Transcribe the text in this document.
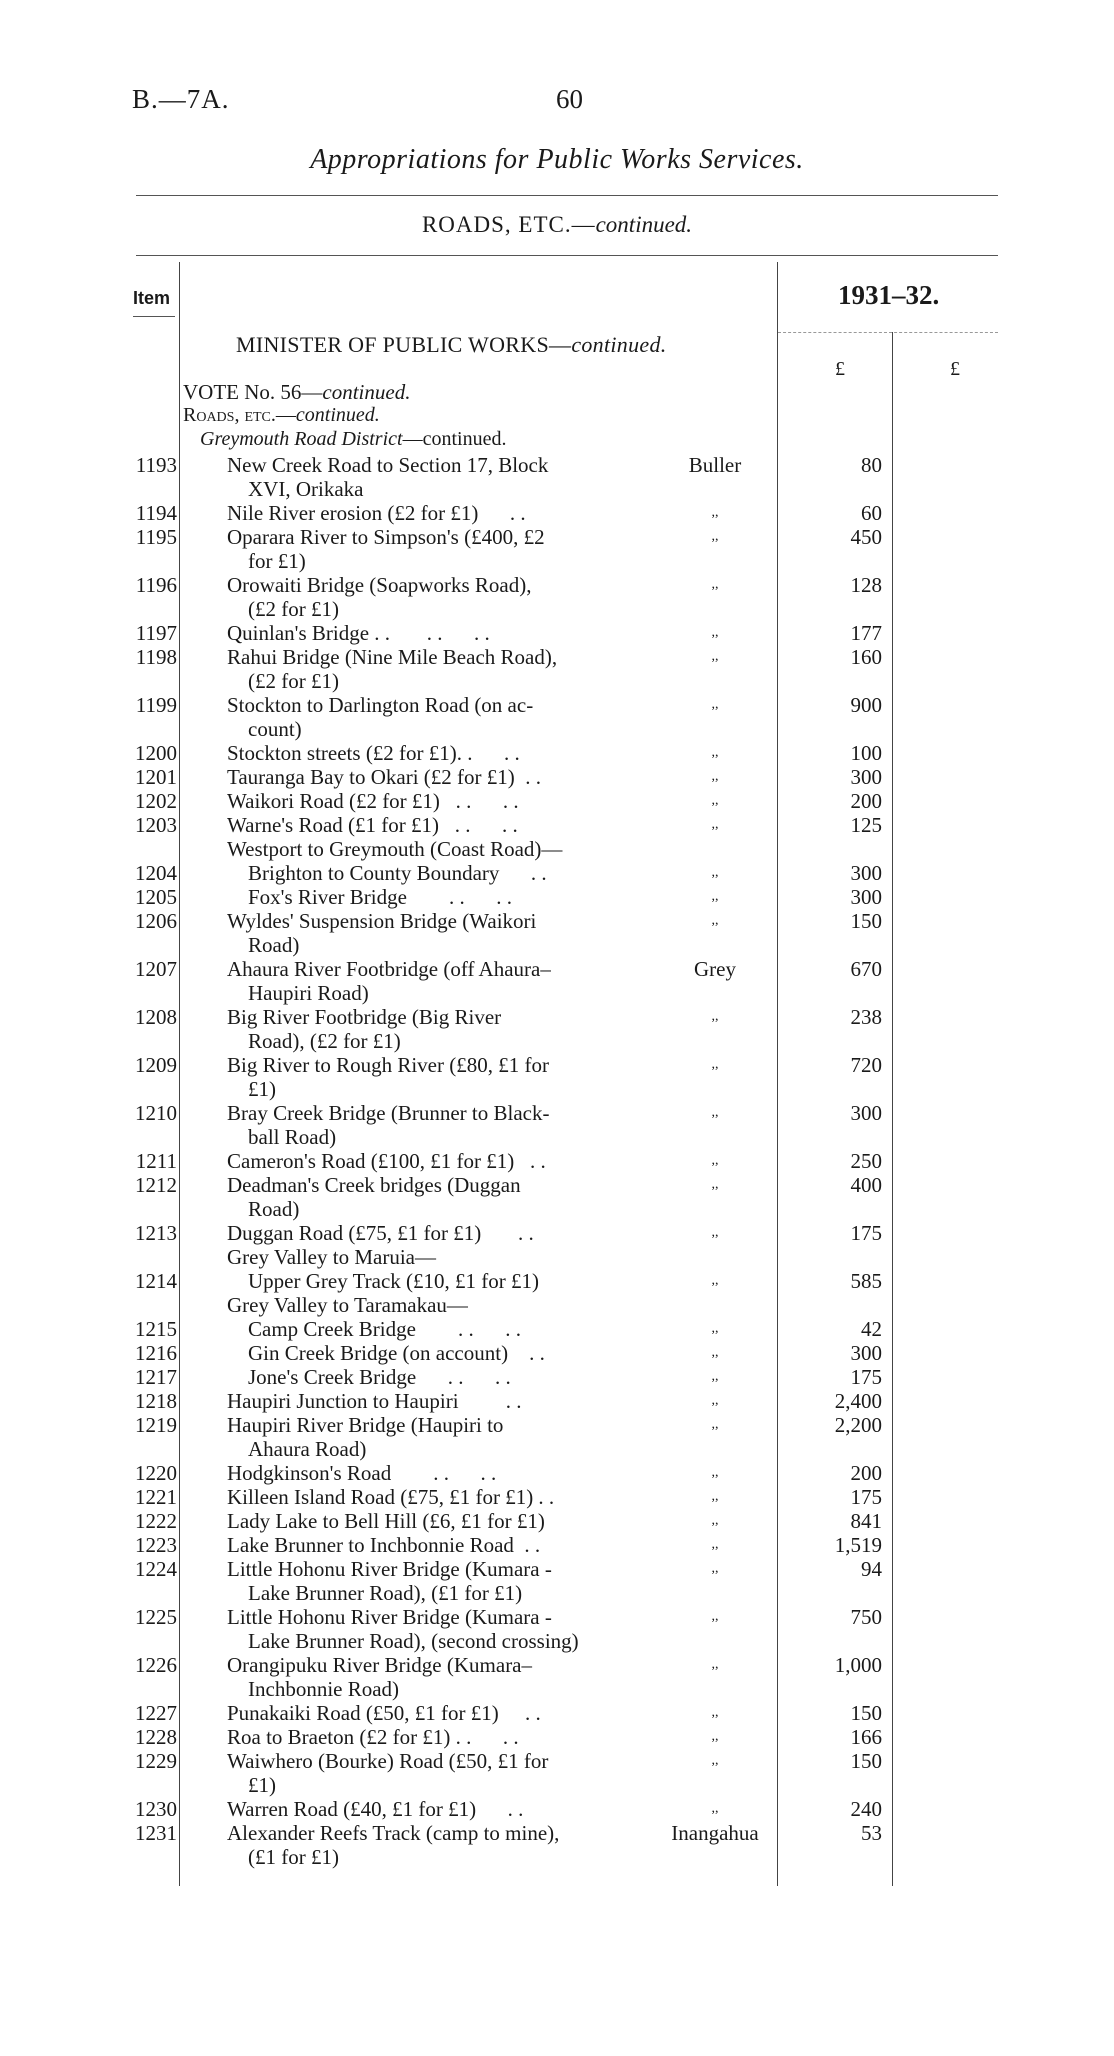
B.—7A.	60
Appropriations for Public Works Services.
ROADS, ETC.—continued.
Item	1931–32.
£	£
MINISTER OF PUBLIC WORKS—continued.
VOTE No. 56—continued.
Roads, etc.—continued.
Greymouth Road District—continued.
1193 New Creek Road to Section 17, Block
XVI, Orikaka
Buller	80
1194 Nile River erosion (£2 for £1)      . .	,,	60
1195 Oparara River to Simpson's (£400, £2
for £1)
,,	450
1196 Orowaiti Bridge (Soapworks Road),
(£2 for £1)
,,	128
1197 Quinlan's Bridge . .       . .      . .	,,	177
1198 Rahui Bridge (Nine Mile Beach Road),
(£2 for £1)
,,	160
1199 Stockton to Darlington Road (on ac-
count)
,,	900
1200 Stockton streets (£2 for £1). .      . .	,,	100
1201 Tauranga Bay to Okari (£2 for £1)  . .	,,	300
1202 Waikori Road (£2 for £1)   . .      . .	,,	200
1203 Warne's Road (£1 for £1)   . .      . .	,,	125
Westport to Greymouth (Coast Road)—
1204	Brighton to County Boundary      . .	,,	300
1205	Fox's River Bridge        . .      . .	,,	300
1206 Wyldes' Suspension Bridge (Waikori
Road)
,,	150
1207 Ahaura River Footbridge (off Ahaura–
Haupiri Road)
Grey	670
1208 Big River Footbridge (Big River
Road), (£2 for £1)
,,	238
1209 Big River to Rough River (£80, £1 for
£1)
,,	720
1210 Bray Creek Bridge (Brunner to Black-
ball Road)
,,	300
1211 Cameron's Road (£100, £1 for £1)   . .	,,	250
1212 Deadman's Creek bridges (Duggan
Road)
,,	400
1213 Duggan Road (£75, £1 for £1)       . .	,,	175
Grey Valley to Maruia—
1214	Upper Grey Track (£10, £1 for £1)	,,	585
Grey Valley to Taramakau—
1215	Camp Creek Bridge        . .      . .	,,	42
1216	Gin Creek Bridge (on account)    . .	,,	300
1217	Jone's Creek Bridge      . .      . .	,,	175
1218 Haupiri Junction to Haupiri         . .	,,	2,400
1219 Haupiri River Bridge (Haupiri to
Ahaura Road)
,,	2,200
1220 Hodgkinson's Road        . .      . .	,,	200
1221 Killeen Island Road (£75, £1 for £1) . .	,,	175
1222 Lady Lake to Bell Hill (£6, £1 for £1)	,,	841
1223 Lake Brunner to Inchbonnie Road  . .	,,	1,519
1224 Little Hohonu River Bridge (Kumara -
Lake Brunner Road), (£1 for £1)
,,	94
1225 Little Hohonu River Bridge (Kumara -
Lake Brunner Road), (second crossing)
,,	750
1226 Orangipuku River Bridge (Kumara–
Inchbonnie Road)
,,	1,000
1227 Punakaiki Road (£50, £1 for £1)     . .	,,	150
1228 Roa to Braeton (£2 for £1) . .      . .	,,	166
1229 Waiwhero (Bourke) Road (£50, £1 for
£1)
,,	150
1230 Warren Road (£40, £1 for £1)      . .	,,	240
1231 Alexander Reefs Track (camp to mine),
(£1 for £1)
Inangahua	53
